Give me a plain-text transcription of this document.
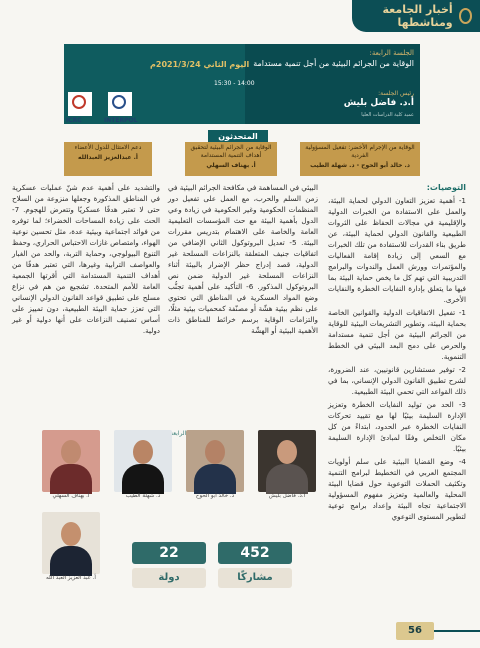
أخبار الجامعة ومناشطها
الجلسة الرابعة:
الوقاية من الجرائم البيئية من أجل تنمية مستدامة
رئيس الجلسة:
أ.د. فاضل بليش
عميد كلية الدراسات العليا
اليوم الثاني 2021/3/24م
15:30 - 14:00
ICRC	INTERPOL
المتحدثون
الوقاية من الإجرام الأخضر: تفعيل المسؤولية الفردية
د. خالد أبو الحوح - د. شهلة الطيب
الوقاية من الجرائم البيئية لتحقيق أهداف التنمية المستدامة
أ. بهناف السهلي
دعم الامتثال للدول الأعضاء
أ. عبدالعزيز العبدالله
التوصيات:

1- أهمية تعزيز التعاون الدولي لحماية البيئة، والعمل على الاستفادة من الخبرات الدولية والإقليمية في مجالات الحفاظ على الثروات الطبيعية والقانون الدولي لحماية البيئة، عن طريق بناء القدرات للاستفادة من تلك الخبرات مع السعي إلى زيادة إقامة الفعاليات والمؤتمرات وورش العمل والندوات والبرامج التدريبية التي تهم كل ما يخص حماية البيئة بما فيها ما يتعلق بإدارة النفايات الخطرة والنفايات الأخرى.

1- تفعيل الاتفاقيات الدولية والقوانين الخاصة بحماية البيئة، وتطوير التشريعات البيئية للوقاية من الجرائم البيئية من أجل تنمية مستدامة والحرص على دمج البعد البيئي في الخطط التنموية.

2- توفير مستشارين قانونيين، عند الضرورة، لشرح تطبيق القانون الدولي الإنساني، بما في ذلك القواعد التي تحمي البيئة الطبيعية.

3- الحد من توليد النفايات الخطرة وتعزيز الإدارة السليمة بيئيًا لها مع تقييد تحركات النفايات الخطرة عبر الحدود، ابتداءً من كل مكان التخلص وفقًا لمبادئ الإدارة السليمة بيئيًا.

4- وضع القضايا البيئية على سلم أولويات المجتمع العربي في التخطيط لبرامج التنمية وتكثيف الحملات التوعوية حول قضايا البيئة المحلية والعالمية وتعزيز مفهوم المسؤولية الاجتماعية تجاه البيئة وإعداد برامج توعية لتطوير المستوى التوعوي

البيئي في المساهمة في مكافحة الجرائم البيئية في زمن السلم والحرب، مع العمل على تفعيل دور المنظمات الحكومية وغير الحكومية في زيادة وعي الدول بأهمية البيئة مع حث المؤسسات التعليمية العامة والخاصة على الاهتمام بتدريس مقررات البيئة. 5- تعديل البروتوكول الثاني الإضافي من اتفاقيات جنيف المتعلقة بالنزاعات المسلحة غير الدولية، قصد إدراج حظر الإضرار بالبيئة أثناء النزاعات المسلحة غير الدولية ضمن نص البروتوكول المذكور. 6- التأكيد على أهمية تجنُّب وضع المواد العسكرية في المناطق التي تحتوي على نظم بيئية هشّة أو مصنّفة كمحميات بيئية مثلًا، والتزامات الوقاية برسم خرائط للمناطق ذات الأهمية البيئية أو الهشّة

والتشديد على أهمية عدم شنّ عمليات عسكرية في المناطق المذكورة وجعلها منزوعة من السلاح حتى لا تعتبر هدفًا عسكريًا وتتعرض للهجوم. 7- الحث على زيادة المساحات الخضراء؛ لما توفره من فوائد اجتماعية وبيئية عدة، مثل تحسين نوعية الهواء، وامتصاص غازات الاحتباس الحراري، وحفظ التنوع البيولوجي، وحماية التربة، والحد من الغبار والعواصف الترابية وغيرها، التي تعتبر هدفًا من أهداف التنمية المستدامة التي أقرتها الجمعية العامة للأمم المتحدة. تشجيع من هم في نزاع مسلح على تطبيق قواعد القانون الدولي الإنساني التي تعزز حماية البيئة الطبيعية، دون تمييز على أساس تصنيف النزاعات على أنها دولية أو غير دولية.

الرابعة
أ. بهناف السهلي	د. شهلة الطيب	د. خالد أبو الحوح	أ.د. فاضل بليش
أ. عبد العزيز العبد الله
452
مشاركًا
22
دولة
56
